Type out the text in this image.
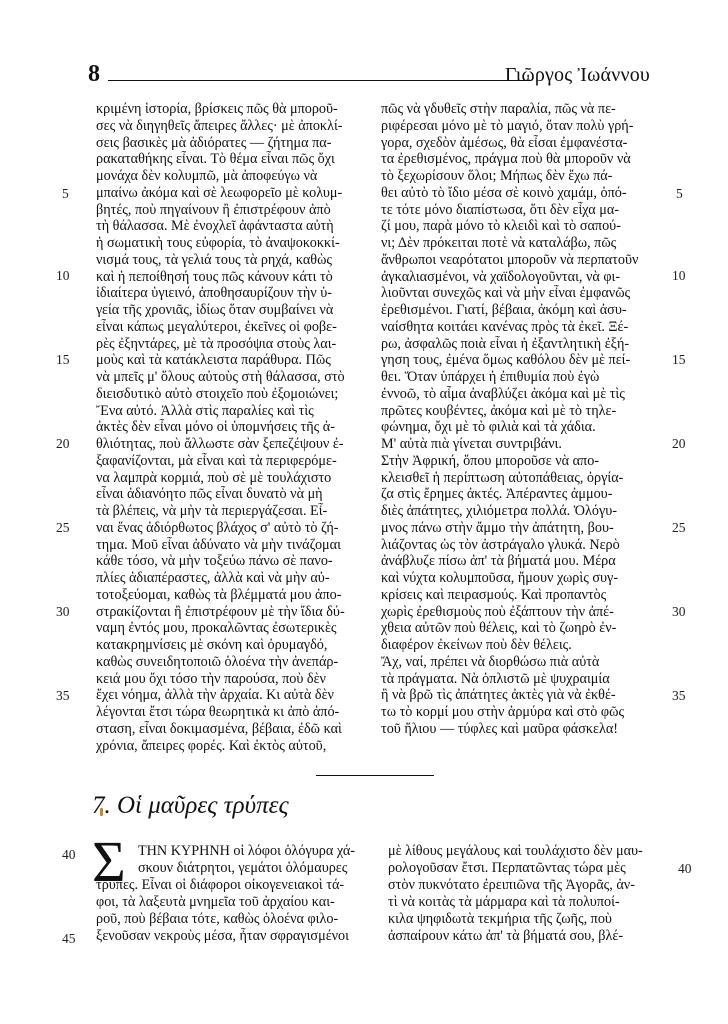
8	Γιῶργος Ἰωάννου
κριμένη ἱστορία, βρίσκεις πῶς θὰ μποροῦ-
σες νὰ διηγηθεῖς ἄπειρες ἄλλες· μὲ ἀποκλί-
σεις βασικὲς μὰ ἀδιόρατες — ζήτημα πα-
ρακαταθήκης εἶναι. Τὸ θέμα εἶναι πῶς ὄχι
μονάχα δὲν κολυμπῶ, μὰ ἀποφεύγω νὰ
μπαίνω ἀκόμα καὶ σὲ λεωφορεῖο μὲ κολυμ-
βητές, ποὺ πηγαίνουν ἢ ἐπιστρέφουν ἀπὸ
τὴ θάλασσα. Μὲ ἐνοχλεῖ ἀφάνταστα αὐτὴ
ἡ σωματικὴ τους εὐφορία, τὸ ἀναψοκοκκί-
νισμά τους, τὰ γελιά τους τὰ ρηχά, καθὼς
καὶ ἡ πεποίθησή τους πῶς κάνουν κάτι τὸ
ἰδιαίτερα ὑγιεινό, ἀποθησαυρίζουν τὴν ὑ-
γεία τῆς χρονιᾶς, ἰδίως ὅταν συμβαίνει νὰ
εἶναι κάπως μεγαλύτεροι, ἐκεῖνες οἱ φοβε-
ρὲς ἐξηντάρες, μὲ τὰ προσόψια στοὺς λαι-
μοὺς καὶ τὰ κατάκλειστα παράθυρα. Πῶς
νὰ μπεῖς μ' ὅλους αὐτοὺς στὴ θάλασσα, στὸ
διεισδυτικὸ αὐτὸ στοιχεῖο ποὺ ἐξομοιώνει;
Ἔνα αὐτό. Ἀλλὰ στὶς παραλίες καὶ τὶς
ἀκτὲς δὲν εἶναι μόνο οἱ ὑπομνήσεις τῆς ἀ-
θλιότητας, ποὺ ἄλλωστε σὰν ξεπεζέψουν ἐ-
ξαφανίζονται, μὰ εἶναι καὶ τὰ περιφερόμε-
να λαμπρὰ κορμιά, ποὺ σὲ μὲ τουλάχιστο
εἶναι ἀδιανόητο πῶς εἶναι δυνατὸ νὰ μὴ
τὰ βλέπεις, νὰ μὴν τὰ περιεργάζεσαι. Εἶ-
ναι ἕνας ἀδιόρθωτος βλάχος σ' αὐτὸ τὸ ζή-
τημα. Μοῦ εἶναι ἀδύνατο νὰ μὴν τινάζομαι
κάθε τόσο, νὰ μὴν τοξεύω πάνω σὲ πανο-
πλίες ἀδιαπέραστες, ἀλλὰ καὶ νὰ μὴν αὐ-
τοτοξεύομαι, καθὼς τὰ βλέμματά μου ἀπο-
στρακίζονται ἢ ἐπιστρέφουν μὲ τὴν ἴδια δύ-
ναμη ἐντός μου, προκαλῶντας ἐσωτερικὲς
κατακρημνίσεις μὲ σκόνη καὶ ὀρυμαγδό,
καθὼς συνειδητοποιῶ ὁλοένα τὴν ἀνεπάρ-
κειά μου ὄχι τόσο τὴν παρούσα, ποὺ δὲν
ἔχει νόημα, ἀλλὰ τὴν ἀρχαία. Κι αὐτὰ δὲν
λέγονται ἔτσι τώρα θεωρητικὰ κι ἀπὸ ἀπό-
σταση, εἶναι δοκιμασμένα, βέβαια, ἐδῶ καὶ
χρόνια, ἄπειρες φορές. Καὶ ἐκτὸς αὐτοῦ,
πῶς νὰ γδυθεῖς στὴν παραλία, πῶς νὰ πε-
ριφέρεσαι μόνο μὲ τὸ μαγιό, ὅταν πολὺ γρή-
γορα, σχεδὸν ἀμέσως, θὰ εἶσαι ἐμφανέστα-
τα ἐρεθισμένος, πράγμα ποὺ θὰ μποροῦν νὰ
τὸ ξεχωρίσουν ὅλοι; Μήπως δὲν ἔχω πά-
θει αὐτὸ τὸ ἴδιο μέσα σὲ κοινὸ χαμάμ, ὁπό-
τε τότε μόνο διαπίστωσα, ὅτι δὲν εἶχα μα-
ζί μου, παρὰ μόνο τὸ κλειδὶ καὶ τὸ σαπού-
νι; Δὲν πρόκειται ποτὲ νὰ καταλάβω, πῶς
ἄνθρωποι νεαρότατοι μποροῦν νὰ περπατοῦν
ἀγκαλιασμένοι, νὰ χαϊδολογοῦνται, νὰ φι-
λιοῦνται συνεχῶς καὶ νὰ μὴν εἶναι ἐμφανῶς
ἐρεθισμένοι. Γιατί, βέβαια, ἀκόμη καὶ ἀσυ-
ναίσθητα κοιτάει κανένας πρὸς τὰ ἐκεῖ. Ξέ-
ρω, ἀσφαλῶς ποιὰ εἶναι ἡ ἐξαντλητικὴ ἐξή-
γηση τους, ἐμένα ὅμως καθόλου δὲν μὲ πεί-
θει. Ὅταν ὑπάρχει ἡ ἐπιθυμία ποὺ ἐγὼ
ἐννοῶ, τὸ αἷμα ἀναβλύζει ἀκόμα καὶ μὲ τὶς
πρῶτες κουβέντες, ἀκόμα καὶ μὲ τὸ τηλε-
φώνημα, ὄχι μὲ τὸ φιλιὰ καὶ τὰ χάδια.
Μ' αὐτὰ πιὰ γίνεται συντριβάνι.
Στὴν Ἀφρική, ὅπου μποροῦσε νὰ απο-
κλεισθεῖ ἡ περίπτωση αὐτοπάθειας, ὀργία-
ζα στὶς ἔρημες ἀκτές. Ἀπέραντες ἀμμου-
διὲς ἀπάτητες, χιλιόμετρα πολλά. Ὁλόγυ-
μνος πάνω στὴν ἄμμο τὴν ἀπάτητη, βου-
λιάζοντας ὡς τὸν ἀστράγαλο γλυκά. Νερὸ
ἀνάβλυζε πίσω ἀπ' τὰ βήματά μου. Μέρα
καὶ νύχτα κολυμποῦσα, ἤμουν χωρὶς συγ-
κρίσεις καὶ πειρασμούς. Καὶ προπαντὸς
χωρὶς ἐρεθισμοὺς ποὺ ἐξάπτουν τὴν ἀπέ-
χθεια αὐτῶν ποὺ θέλεις, καὶ τὸ ζωηρὸ ἐν-
διαφέρον ἐκείνων ποὺ δὲν θέλεις.
Ἄχ, ναί, πρέπει νὰ διορθώσω πιὰ αὐτὰ
τὰ πράγματα. Νὰ ὁπλιστῶ μὲ ψυχραιμία
ἢ νὰ βρῶ τὶς ἀπάτητες ἀκτὲς γιὰ νὰ ἐκθέ-
τω τὸ κορμί μου στὴν ἁρμύρα καὶ στὸ φῶς
τοῦ ἥλιου — τύφλες καὶ μαῦρα φάσκελα!
5
10
15
20
25
30
35
5
10
15
20
25
30
35
7. Οἱ μαῦρες τρύπες
Σ ΤΗΝ ΚΥΡΗΝΗ οἱ λόφοι ὁλόγυρα χά-
σκουν διάτρητοι, γεμάτοι ὁλόμαυρες
τρύπες. Εἶναι οἱ διάφοροι οἰκογενειακοὶ τά-
φοι, τὰ λαξευτὰ μνημεῖα τοῦ ἀρχαίου και-
ροῦ, ποὺ βέβαια τότε, καθὼς ὁλοένα φιλο-
ξενοῦσαν νεκροὺς μέσα, ἦταν σφραγισμένοι
μὲ λίθους μεγάλους καὶ τουλάχιστο δὲν μαυ-
ρολογοῦσαν ἔτσι. Περπατῶντας τώρα μὲς
στὸν πυκνότατο ἐρειπιῶνα τῆς Ἀγορᾶς, ἀν-
τὶ νὰ κοιτὰς τὰ μάρμαρα καὶ τὰ πολυποί-
κιλα ψηφιδωτὰ τεκμήρια τῆς ζωῆς, ποὺ
ἀσπαίρουν κάτω ἀπ' τὰ βήματά σου, βλέ-
40
45
40
